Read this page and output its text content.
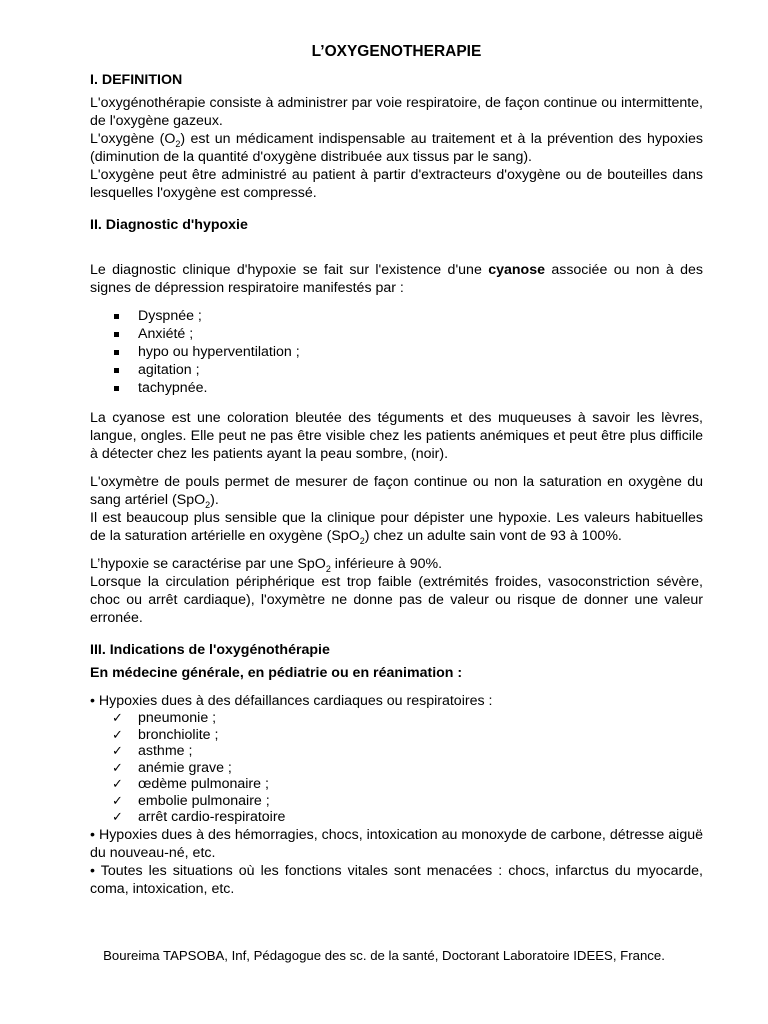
L’OXYGENOTHERAPIE
I. DEFINITION

L'oxygénothérapie consiste à administrer par voie respiratoire, de façon continue ou intermittente, de l'oxygène gazeux.

L'oxygène $(O_2)$ est un médicament indispensable au traitement et à la prévention des hypoxies (diminution de la quantité d'oxygène distribuée aux tissus par le sang).

L'oxygène peut être administré au patient à partir d'extracteurs d'oxygène ou de bouteilles dans lesquelles l'oxygène est compressé.

II. Diagnostic d'hypoxie

Le diagnostic clinique d'hypoxie se fait sur l'existence d'une cyanose associée ou non à des signes de dépression respiratoire manifestés par :

Dyspnée ;
Anxiété ;
hypo ou hyperventilation ;
agitation ;
tachypnée.

La cyanose est une coloration bleutée des téguments et des muqueuses à savoir les lèvres, langue, ongles. Elle peut ne pas être visible chez les patients anémiques et peut être plus difficile à détecter chez les patients ayant la peau sombre, (noir).

L'oxymètre de pouls permet de mesurer de façon continue ou non la saturation en oxygène du sang artériel (SpO$_2$).

Il est beaucoup plus sensible que la clinique pour dépister une hypoxie. Les valeurs habituelles de la saturation artérielle en oxygène (SpO$_2$) chez un adulte sain vont de 93 à 100%.

L’hypoxie se caractérise par une SpO$_2$ inférieure à 90%.

Lorsque la circulation périphérique est trop faible (extrémités froides, vasoconstriction sévère, choc ou arrêt cardiaque), l'oxymètre ne donne pas de valeur ou risque de donner une valeur erronée.

III. Indications de l'oxygénothérapie
En médecine générale, en pédiatrie ou en réanimation :

• Hypoxies dues à des défaillances cardiaques ou respiratoires :

✓ pneumonie ;
✓ bronchiolite ;
✓ asthme ;
✓ anémie grave ;
✓ œdème pulmonaire ;
✓ embolie pulmonaire ;
✓ arrêt cardio-respiratoire

• Hypoxies dues à des hémorragies, chocs, intoxication au monoxyde de carbone, détresse aiguë du nouveau-né, etc.

• Toutes les situations où les fonctions vitales sont menacées : chocs, infarctus du myocarde, coma, intoxication, etc.

Boureima TAPSOBA, Inf, Pédagogue des sc. de la santé, Doctorant Laboratoire IDEES, France.
